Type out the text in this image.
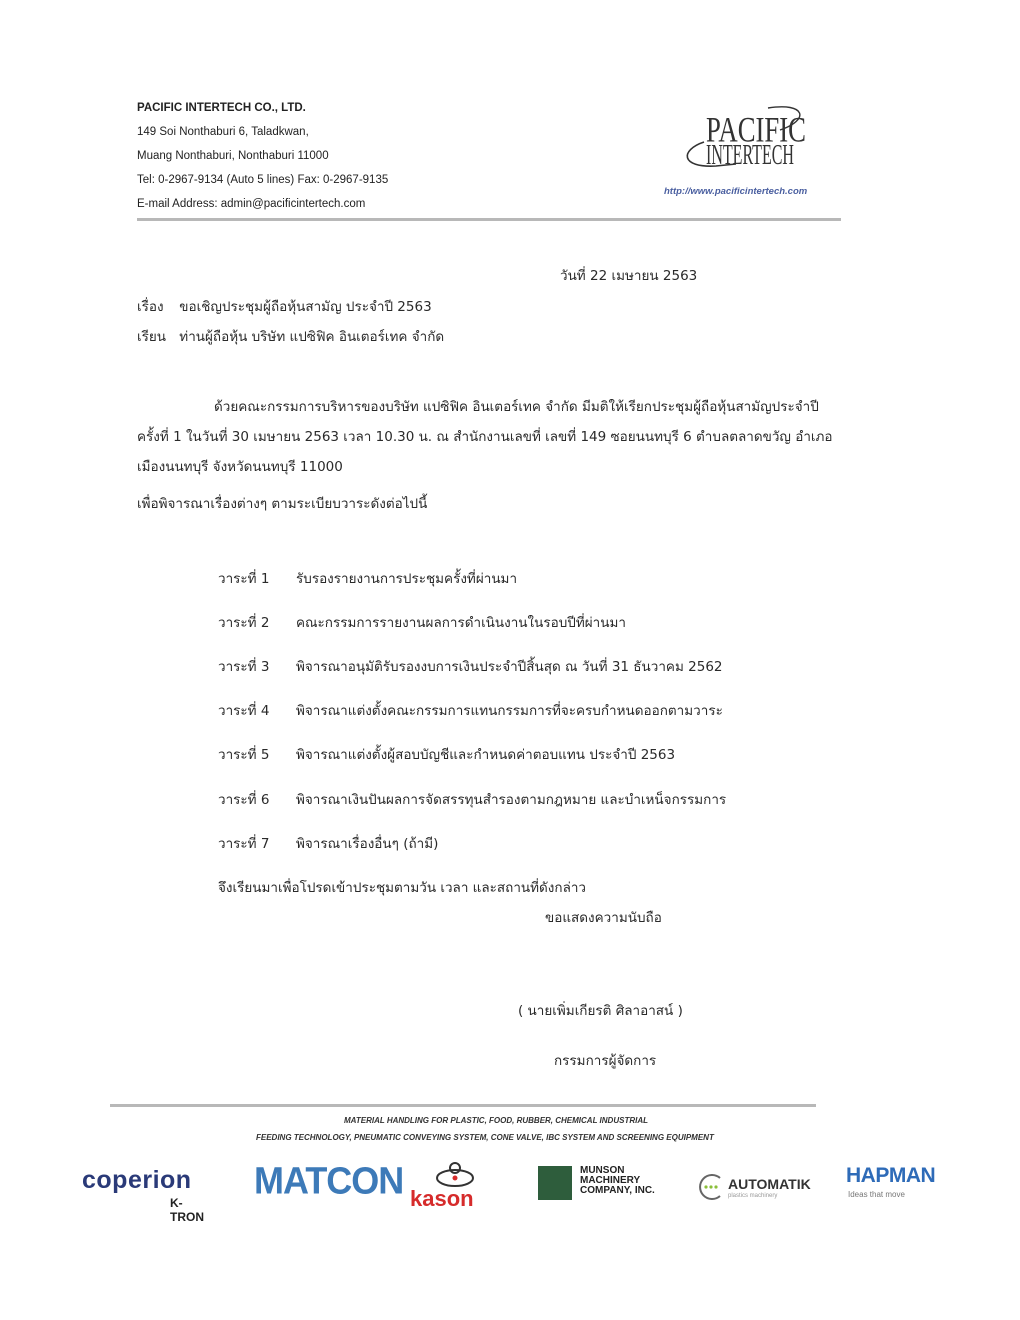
PACIFIC INTERTECH CO., LTD.
149 Soi Nonthaburi 6, Taladkwan,
Muang Nonthaburi, Nonthaburi 11000
Tel: 0-2967-9134 (Auto 5 lines) Fax: 0-2967-9135
E-mail Address: admin@pacificintertech.com
PACIFIC
INTERTECH
http://www.pacificintertech.com
วันที่ 22 เมษายน 2563
เรื่อง ขอเชิญประชุมผู้ถือหุ้นสามัญ ประจำปี 2563
เรียน ท่านผู้ถือหุ้น บริษัท แปซิฟิค อินเตอร์เทค จำกัด
ด้วยคณะกรรมการบริหารของบริษัท แปซิฟิค อินเตอร์เทค จำกัด มีมติให้เรียกประชุมผู้ถือหุ้นสามัญประจำปี
ครั้งที่ 1 ในวันที่ 30 เมษายน 2563 เวลา 10.30 น. ณ สำนักงานเลขที่ เลขที่ 149 ซอยนนทบุรี 6 ตำบลตลาดขวัญ อำเภอ
เมืองนนทบุรี จังหวัดนนทบุรี 11000
เพื่อพิจารณาเรื่องต่างๆ ตามระเบียบวาระดังต่อไปนี้
วาระที่ 1 รับรองรายงานการประชุมครั้งที่ผ่านมา
วาระที่ 2 คณะกรรมการรายงานผลการดำเนินงานในรอบปีที่ผ่านมา
วาระที่ 3 พิจารณาอนุมัติรับรองงบการเงินประจำปีสิ้นสุด ณ วันที่ 31 ธันวาคม 2562
วาระที่ 4 พิจารณาแต่งตั้งคณะกรรมการแทนกรรมการที่จะครบกำหนดออกตามวาระ
วาระที่ 5 พิจารณาแต่งตั้งผู้สอบบัญชีและกำหนดค่าตอบแทน ประจำปี 2563
วาระที่ 6 พิจารณาเงินปันผลการจัดสรรทุนสำรองตามกฎหมาย และบำเหน็จกรรมการ
วาระที่ 7 พิจารณาเรื่องอื่นๆ (ถ้ามี)
จึงเรียนมาเพื่อโปรดเข้าประชุมตามวัน เวลา และสถานที่ดังกล่าว
ขอแสดงความนับถือ
( นายเพิ่มเกียรติ ศิลาอาสน์ )
กรรมการผู้จัดการ
MATERIAL HANDLING FOR PLASTIC, FOOD, RUBBER, CHEMICAL INDUSTRIAL
FEEDING TECHNOLOGY, PNEUMATIC CONVEYING SYSTEM, CONE VALVE, IBC SYSTEM AND SCREENING EQUIPMENT
coperion
K-TRON
MATCON kason
MUNSON
MACHINERY
COMPANY, INC.	AUTOMATIK
plastics machinery
HAPMAN
Ideas that move
